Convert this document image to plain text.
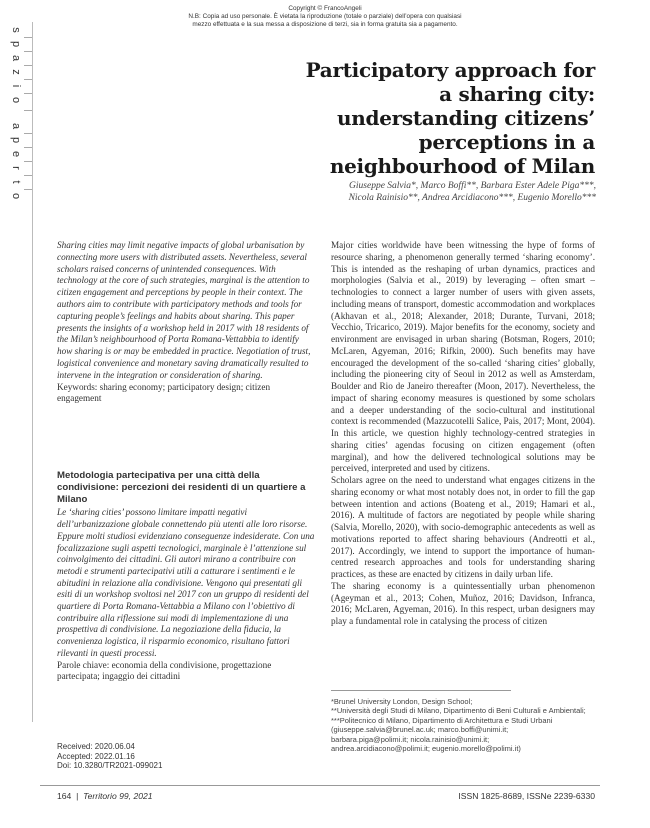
Copyright © FrancoAngeli
N.B: Copia ad uso personale. È vietata la riproduzione (totale o parziale) dell’opera con qualsiasi
mezzo effettuata e la sua messa a disposizione di terzi, sia in forma gratuita sia a pagamento.
s
p
a
z
i
o
a
p
e
r
t
o
Participatory approach for a sharing city: understanding citizens’ perceptions in a neighbourhood of Milan
Giuseppe Salvia*, Marco Boffi**, Barbara Ester Adele Piga***,
Nicola Rainisio**, Andrea Arcidiacono***, Eugenio Morello***
Sharing cities may limit negative impacts of global urbanisation by connecting more users with distributed assets. Nevertheless, several scholars raised concerns of unintended consequences. With technology at the core of such strategies, marginal is the attention to citizen engagement and perceptions by people in their context. The authors aim to contribute with participatory methods and tools for capturing people’s feelings and habits about sharing. This paper presents the insights of a workshop held in 2017 with 18 residents of the Milan’s neighbourhood of Porta Romana-Vettabbia to identify how sharing is or may be embedded in practice. Negotiation of trust, logistical convenience and monetary saving dramatically resulted to intervene in the integration or consideration of sharing.
Keywords: sharing economy; participatory design; citizen engagement
Metodologia partecipativa per una città della condivisione: percezioni dei residenti di un quartiere a Milano
Le ‘sharing cities’ possono limitare impatti negativi dell’urbanizzazione globale connettendo più utenti alle loro risorse. Eppure molti studiosi evidenziano conseguenze indesiderate. Con una focalizzazione sugli aspetti tecnologici, marginale è l’attenzione sul coinvolgimento dei cittadini. Gli autori mirano a contribuire con metodi e strumenti partecipativi utili a catturare i sentimenti e le abitudini in relazione alla condivisione. Vengono qui presentati gli esiti di un workshop svoltosi nel 2017 con un gruppo di residenti del quartiere di Porta Romana-Vettabbia a Milano con l’obiettivo di contribuire alla riflessione sui modi di implementazione di una prospettiva di condivisione. La negoziazione della fiducia, la convenienza logistica, il risparmio economico, risultano fattori rilevanti in questi processi.
Parole chiave: economia della condivisione, progettazione partecipata; ingaggio dei cittadini
Received: 2020.06.04
Accepted: 2022.01.16
Doi: 10.3280/TR2021-099021

Major cities worldwide have been witnessing the hype of forms of resource sharing, a phenomenon generally termed ‘sharing economy’. This is intended as the reshaping of urban dynamics, practices and morphologies (Salvia et al., 2019) by leveraging – often smart – technologies to connect a larger number of users with given assets, including means of transport, domestic accommodation and workplaces (Akhavan et al., 2018; Alexander, 2018; Durante, Turvani, 2018; Vecchio, Tricarico, 2019). Major benefits for the economy, society and environment are envisaged in urban sharing (Botsman, Rogers, 2010; McLaren, Agyeman, 2016; Rifkin, 2000). Such benefits may have encouraged the development of the so-called ‘sharing cities’ globally, including the pioneering city of Seoul in 2012 as well as Amsterdam, Boulder and Rio de Janeiro thereafter (Moon, 2017). Nevertheless, the impact of sharing economy measures is questioned by some scholars and a deeper understanding of the socio-cultural and institutional context is recommended (Mazzucotelli Salice, Pais, 2017; Mont, 2004). In this article, we question highly technology-centred strategies in sharing cities’ agendas focusing on citizen engagement (often marginal), and how the delivered technological solutions may be perceived, interpreted and used by citizens.

Scholars agree on the need to understand what engages citizens in the sharing economy or what most notably does not, in order to fill the gap between intention and actions (Boateng et al., 2019; Hamari et al., 2016). A multitude of factors are negotiated by people while sharing (Salvia, Morello, 2020), with socio-demographic antecedents as well as motivations reported to affect sharing behaviours (Andreotti et al., 2017). Accordingly, we intend to support the importance of human-centred research approaches and tools for understanding sharing practices, as these are enacted by citizens in daily urban life.

The sharing economy is a quintessentially urban phenomenon (Ageyman et al., 2013; Cohen, Muñoz, 2016; Davidson, Infranca, 2016; McLaren, Agyeman, 2016). In this respect, urban designers may play a fundamental role in catalysing the process of citizen

*Brunel University London, Design School;
**Università degli Studi di Milano, Dipartimento di Beni Culturali e Ambientali;
***Politecnico di Milano, Dipartimento di Architettura e Studi Urbani
(giuseppe.salvia@brunel.ac.uk; marco.boffi@unimi.it;
barbara.piga@polimi.it; nicola.rainisio@unimi.it;
andrea.arcidiacono@polimi.it; eugenio.morello@polimi.it)
164 | Territorio 99, 2021	ISSN 1825-8689, ISSNe 2239-6330
